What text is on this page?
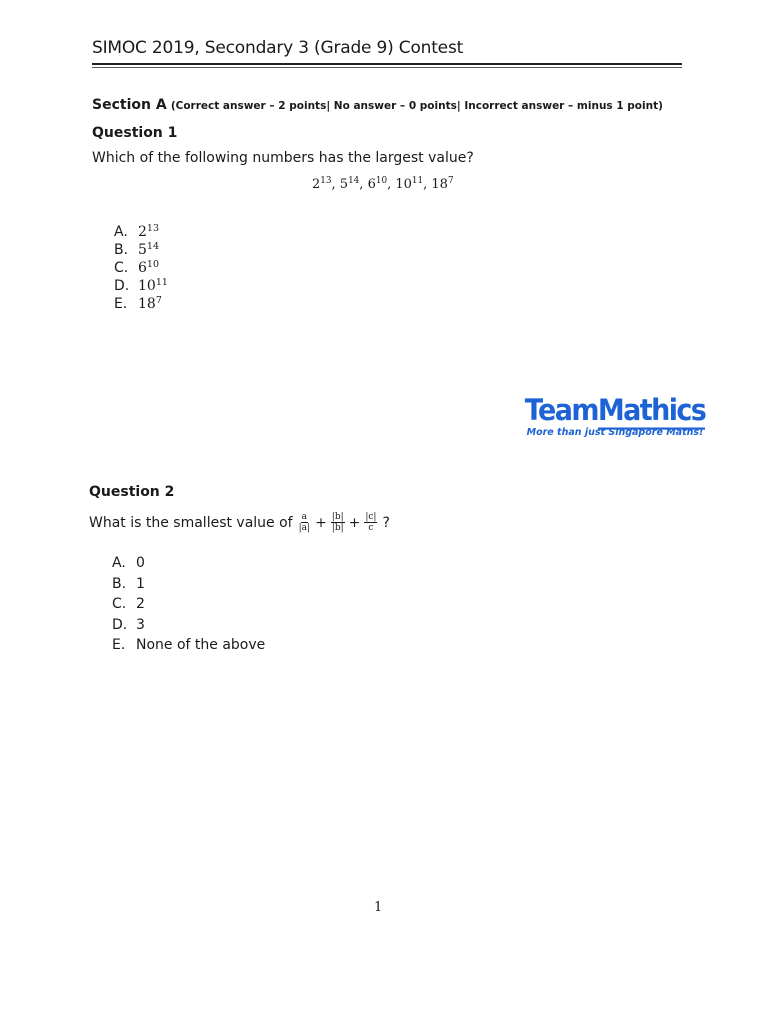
SIMOC 2019, Secondary 3 (Grade 9) Contest
Section A (Correct answer – 2 points| No answer – 0 points| Incorrect answer – minus 1 point)
Question 1
Which of the following numbers has the largest value?
$2^{13}$, $5^{14}$, $6^{10}$, $10^{11}$, $18^7$
A. $2^{13}$
B. $5^{14}$
C. $6^{10}$
D. $10^{11}$
E. $18^7$
TeamMathics
More than just Singapore Maths!
Question 2
What is the smallest value of $\frac{a}{|a|} + \frac{|b|}{|b|} + \frac{|c|}{c}$ ?
A. 0
B. 1
C. 2
D. 3
E. None of the above
1
